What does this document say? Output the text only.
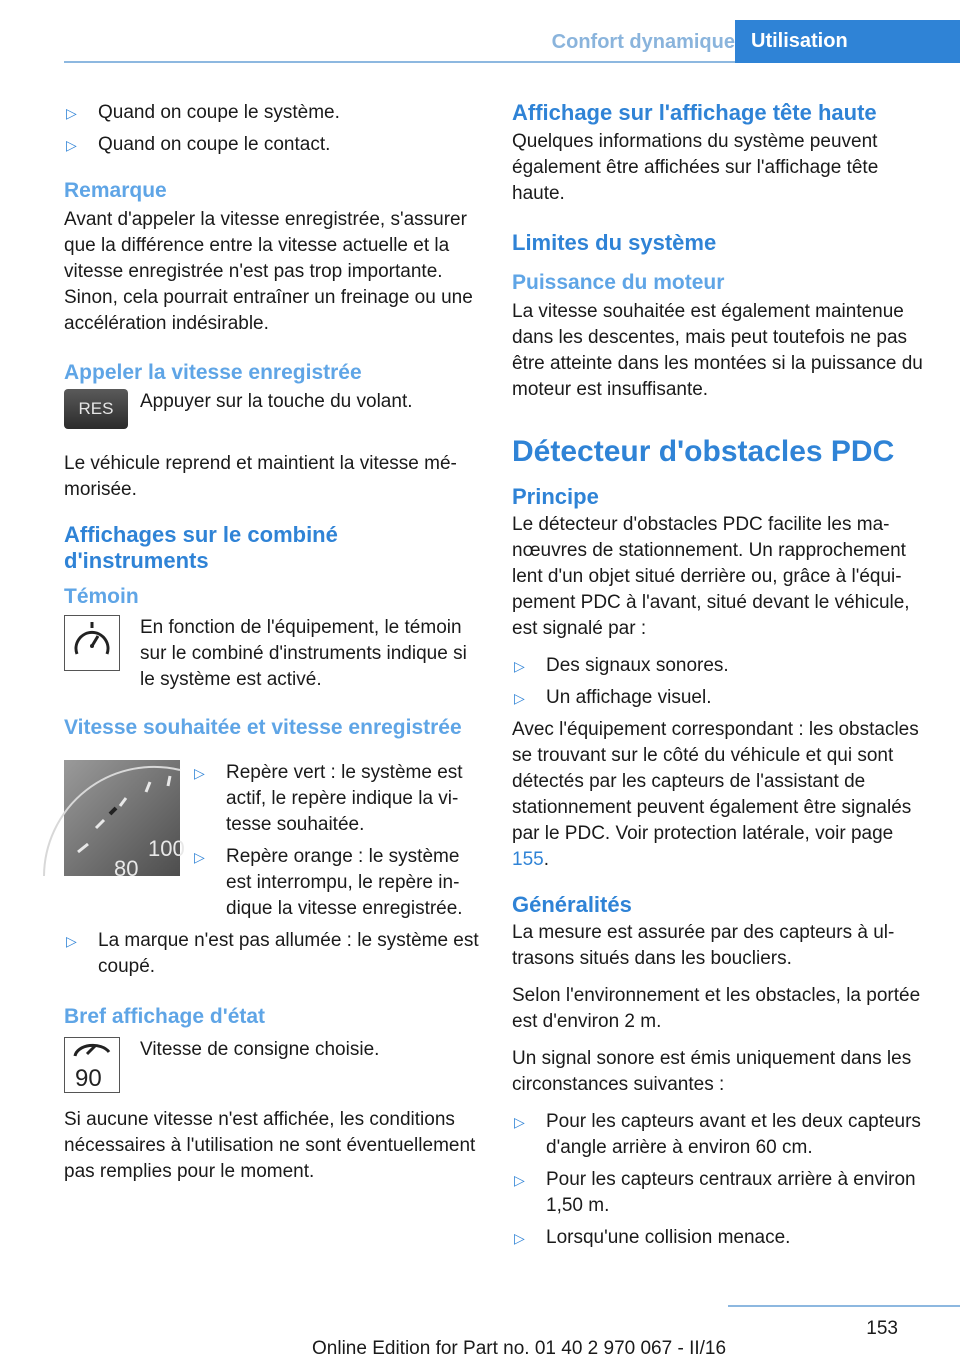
Confort dynamique Utilisation
▷ Quand on coupe le système.
▷ Quand on coupe le contact.
Remarque

Avant d'appeler la vitesse enregistrée, s'assurer que la différence entre la vitesse actuelle et la vitesse enregistrée n'est pas trop importante. Sinon, cela pourrait entraîner un freinage ou une accélération indésirable.

Appeler la vitesse enregistrée
RES	Appuyer sur la touche du volant.

Le véhicule reprend et maintient la vitesse mémorisée.

Affichages sur le combiné d'instruments
Témoin
En fonction de l'équipement, le témoin sur le combiné d'instruments indique si le système est activé.
Vitesse souhaitée et vitesse enregistrée
100
80
▷ Repère vert : le système est actif, le repère indique la vitesse souhaitée.
▷ Repère orange : le système est interrompu, le repère indique la vitesse enregistrée.
▷ La marque n'est pas allumée : le système est coupé.
Bref affichage d'état
90
Vitesse de consigne choisie.

Si aucune vitesse n'est affichée, les conditions nécessaires à l'utilisation ne sont éventuellement pas remplies pour le moment.

Affichage sur l'affichage tête haute

Quelques informations du système peuvent également être affichées sur l'affichage tête haute.

Limites du système
Puissance du moteur

La vitesse souhaitée est également maintenue dans les descentes, mais peut toutefois ne pas être atteinte dans les montées si la puissance du moteur est insuffisante.

Détecteur d'obstacles PDC
Principe

Le détecteur d'obstacles PDC facilite les manœuvres de stationnement. Un rapprochement lent d'un objet situé derrière ou, grâce à l'équipement PDC à l'avant, situé devant le véhicule, est signalé par :

▷ Des signaux sonores.
▷ Un affichage visuel.

Avec l'équipement correspondant : les obstacles se trouvant sur le côté du véhicule et qui sont détectés par les capteurs de l'assistant de stationnement peuvent également être signalés par le PDC. Voir protection latérale, voir page 155.

Généralités

La mesure est assurée par des capteurs à ultrasons situés dans les boucliers.

Selon l'environnement et les obstacles, la portée est d'environ 2 m.

Un signal sonore est émis uniquement dans les circonstances suivantes :

▷ Pour les capteurs avant et les deux capteurs d'angle arrière à environ 60 cm.
▷ Pour les capteurs centraux arrière à environ 1,50 m.
▷ Lorsqu'une collision menace.
153
Online Edition for Part no. 01 40 2 970 067 - II/16
